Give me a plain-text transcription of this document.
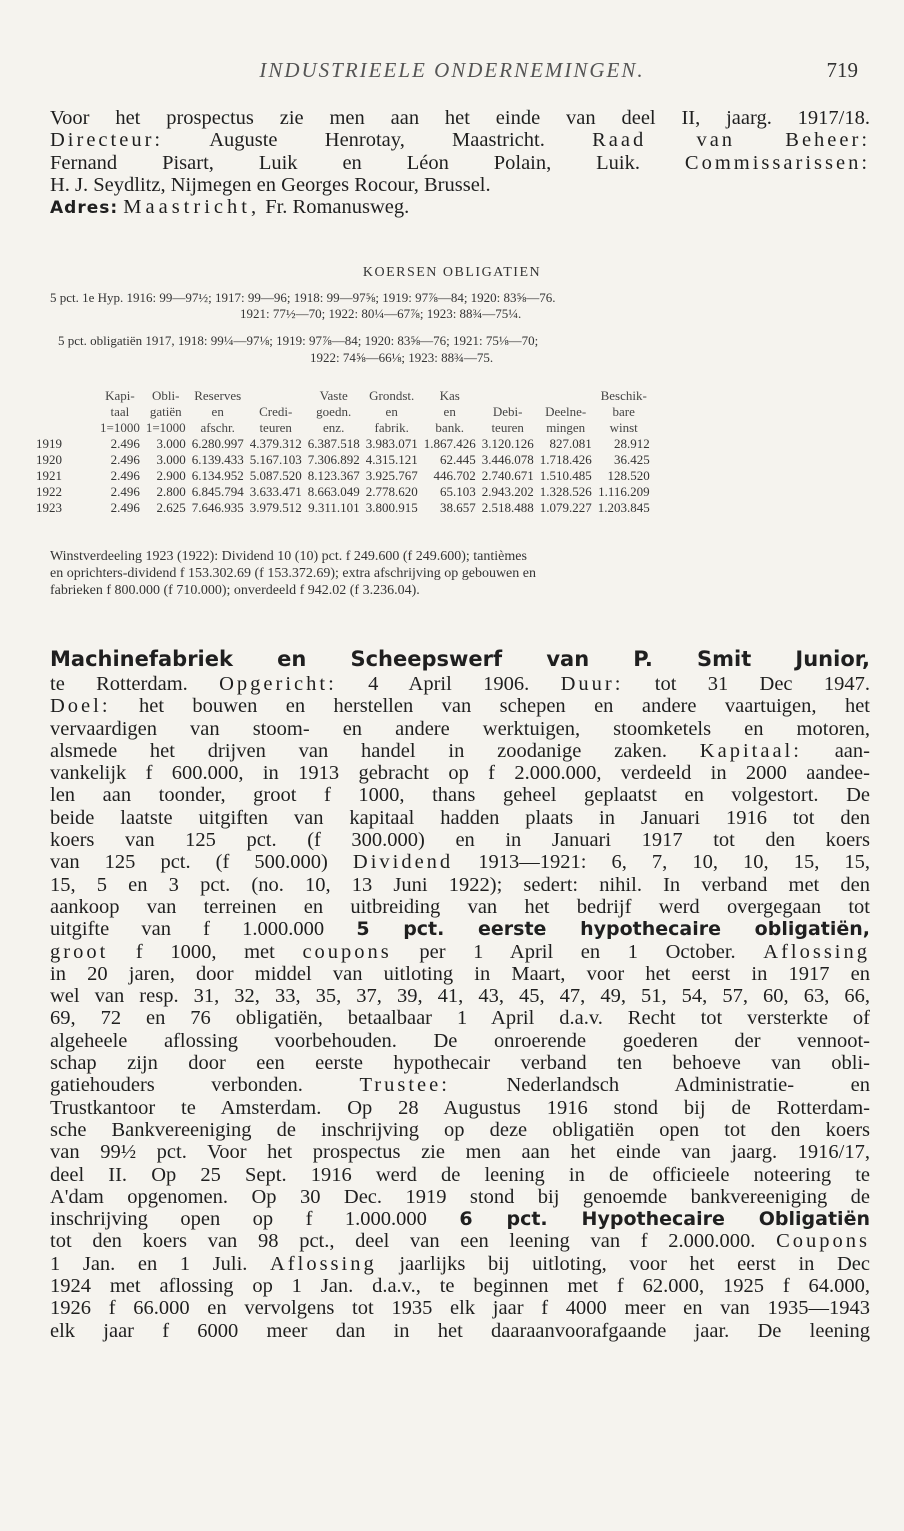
INDUSTRIEELE ONDERNEMINGEN.	719
Voor het prospectus zie men aan het einde van deel II, jaarg. 1917/18.
Directeur: Auguste Henrotay, Maastricht. Raad van Beheer:
Fernand Pisart, Luik en Léon Polain, Luik. Commissarissen:
H. J. Seydlitz, Nijmegen en Georges Rocour, Brussel.
Adres: Maastricht, Fr. Romanusweg.
KOERSEN OBLIGATIEN
5 pct. 1e Hyp. 1916: 99—97½; 1917: 99—96; 1918: 99—97⅝; 1919: 97⅞—84; 1920: 83⅝—76.
1921: 77½—70; 1922: 80¼—67⅞; 1923: 88¾—75¼.
5 pct. obligatiën 1917, 1918: 99¼—97⅛; 1919: 97⅞—84; 1920: 83⅝—76; 1921: 75⅛—70;
1922: 74⅝—66⅛; 1923: 88¾—75.
	Kapi-	Obli-	Reserves		Vaste	Grondst.	Kas			Beschik-
	taal	gatiën	en	Credi-	goedn.	en	en	Debi-	Deelne-	bare
	1=1000	1=1000	afschr.	teuren	enz.	fabrik.	bank.	teuren	mingen	winst
1919	2.496	3.000	6.280.997	4.379.312	6.387.518	3.983.071	1.867.426	3.120.126	827.081	28.912
1920	2.496	3.000	6.139.433	5.167.103	7.306.892	4.315.121	62.445	3.446.078	1.718.426	36.425
1921	2.496	2.900	6.134.952	5.087.520	8.123.367	3.925.767	446.702	2.740.671	1.510.485	128.520
1922	2.496	2.800	6.845.794	3.633.471	8.663.049	2.778.620	65.103	2.943.202	1.328.526	1.116.209
1923	2.496	2.625	7.646.935	3.979.512	9.311.101	3.800.915	38.657	2.518.488	1.079.227	1.203.845
Winstverdeeling 1923 (1922): Dividend 10 (10) pct. f 249.600 (f 249.600); tantièmes
en oprichters-dividend f 153.302.69 (f 153.372.69); extra afschrijving op gebouwen en
fabrieken f 800.000 (f 710.000); onverdeeld f 942.02 (f 3.236.04).
Machinefabriek en Scheepswerf van P. Smit Junior,
te Rotterdam. Opgericht: 4 April 1906. Duur: tot 31 Dec 1947.
Doel: het bouwen en herstellen van schepen en andere vaartuigen, het
vervaardigen van stoom- en andere werktuigen, stoomketels en motoren,
alsmede het drijven van handel in zoodanige zaken. Kapitaal: aan-
vankelijk f 600.000, in 1913 gebracht op f 2.000.000, verdeeld in 2000 aandee-
len aan toonder, groot f 1000, thans geheel geplaatst en volgestort. De
beide laatste uitgiften van kapitaal hadden plaats in Januari 1916 tot den
koers van 125 pct. (f 300.000) en in Januari 1917 tot den koers
van 125 pct. (f 500.000) Dividend 1913—1921: 6, 7, 10, 10, 15, 15,
15, 5 en 3 pct. (no. 10, 13 Juni 1922); sedert: nihil. In verband met den
aankoop van terreinen en uitbreiding van het bedrijf werd overgegaan tot
uitgifte van f 1.000.000 5 pct. eerste hypothecaire obligatiën,
groot f 1000, met coupons per 1 April en 1 October. Aflossing
in 20 jaren, door middel van uitloting in Maart, voor het eerst in 1917 en
wel van resp. 31, 32, 33, 35, 37, 39, 41, 43, 45, 47, 49, 51, 54, 57, 60, 63, 66,
69, 72 en 76 obligatiën, betaalbaar 1 April d.a.v. Recht tot versterkte of
algeheele aflossing voorbehouden. De onroerende goederen der vennoot-
schap zijn door een eerste hypothecair verband ten behoeve van obli-
gatiehouders verbonden. Trustee: Nederlandsch Administratie- en
Trustkantoor te Amsterdam. Op 28 Augustus 1916 stond bij de Rotterdam-
sche Bankvereeniging de inschrijving op deze obligatiën open tot den koers
van 99½ pct. Voor het prospectus zie men aan het einde van jaarg. 1916/17,
deel II. Op 25 Sept. 1916 werd de leening in de officieele noteering te
A'dam opgenomen. Op 30 Dec. 1919 stond bij genoemde bankvereeniging de
inschrijving open op f 1.000.000 6 pct. Hypothecaire Obligatiën
tot den koers van 98 pct., deel van een leening van f 2.000.000. Coupons
1 Jan. en 1 Juli. Aflossing jaarlijks bij uitloting, voor het eerst in Dec
1924 met aflossing op 1 Jan. d.a.v., te beginnen met f 62.000, 1925 f 64.000,
1926 f 66.000 en vervolgens tot 1935 elk jaar f 4000 meer en van 1935—1943
elk jaar f 6000 meer dan in het daaraanvoorafgaande jaar. De leening
